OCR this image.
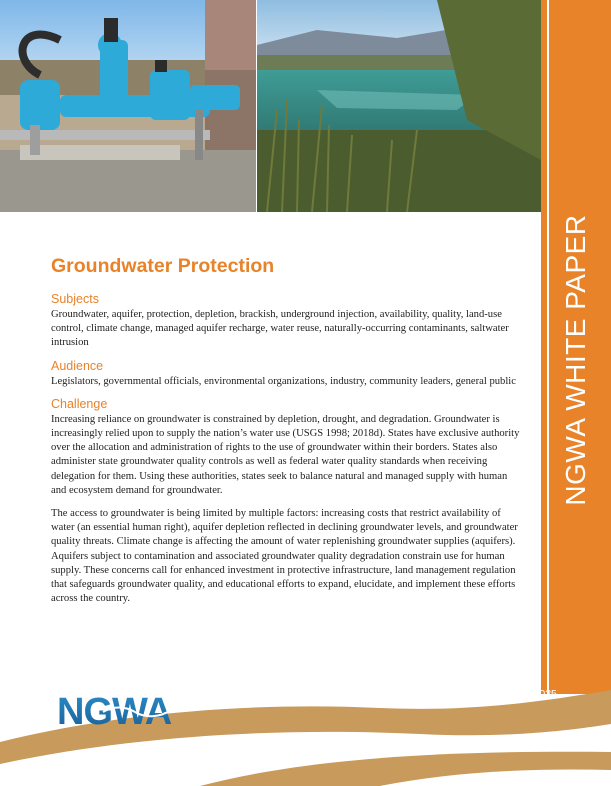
NGWA WHITE PAPER
Groundwater Protection
Subjects

Groundwater, aquifer, protection, depletion, brackish, underground injection, availability, quality, land-use control, climate change, managed aquifer recharge, water reuse, naturally-occurring contaminants, saltwater intrusion

Audience

Legislators, governmental officials, environmental organizations, industry, community leaders, general public

Challenge

Increasing reliance on groundwater is constrained by depletion, drought, and degradation. Groundwater is increasingly relied upon to supply the nation’s water use (USGS 1998; 2018d). States have exclusive authority over the allocation and administration of rights to the use of groundwater within their borders. States also administer state groundwater quality controls as well as federal water quality standards when receiving delegation for them. Using these authorities, states seek to balance natural and managed supply with human and ecosystem demand for groundwater.

The access to groundwater is being limited by multiple factors: increasing costs that restrict availability of water (an essential human right), aquifer depletion reflected in declining groundwater levels, and groundwater quality threats. Climate change is affecting the amount of water replenishing groundwater supplies (aquifers). Aquifers subject to contamination and associated groundwater quality degradation constrain use for human supply. These concerns call for enhanced investment in protective infrastructure, land management regulation that safeguards groundwater quality, and educational efforts to expand, elucidate, and implement these efforts across the country.

NGWA	4/3/2025
